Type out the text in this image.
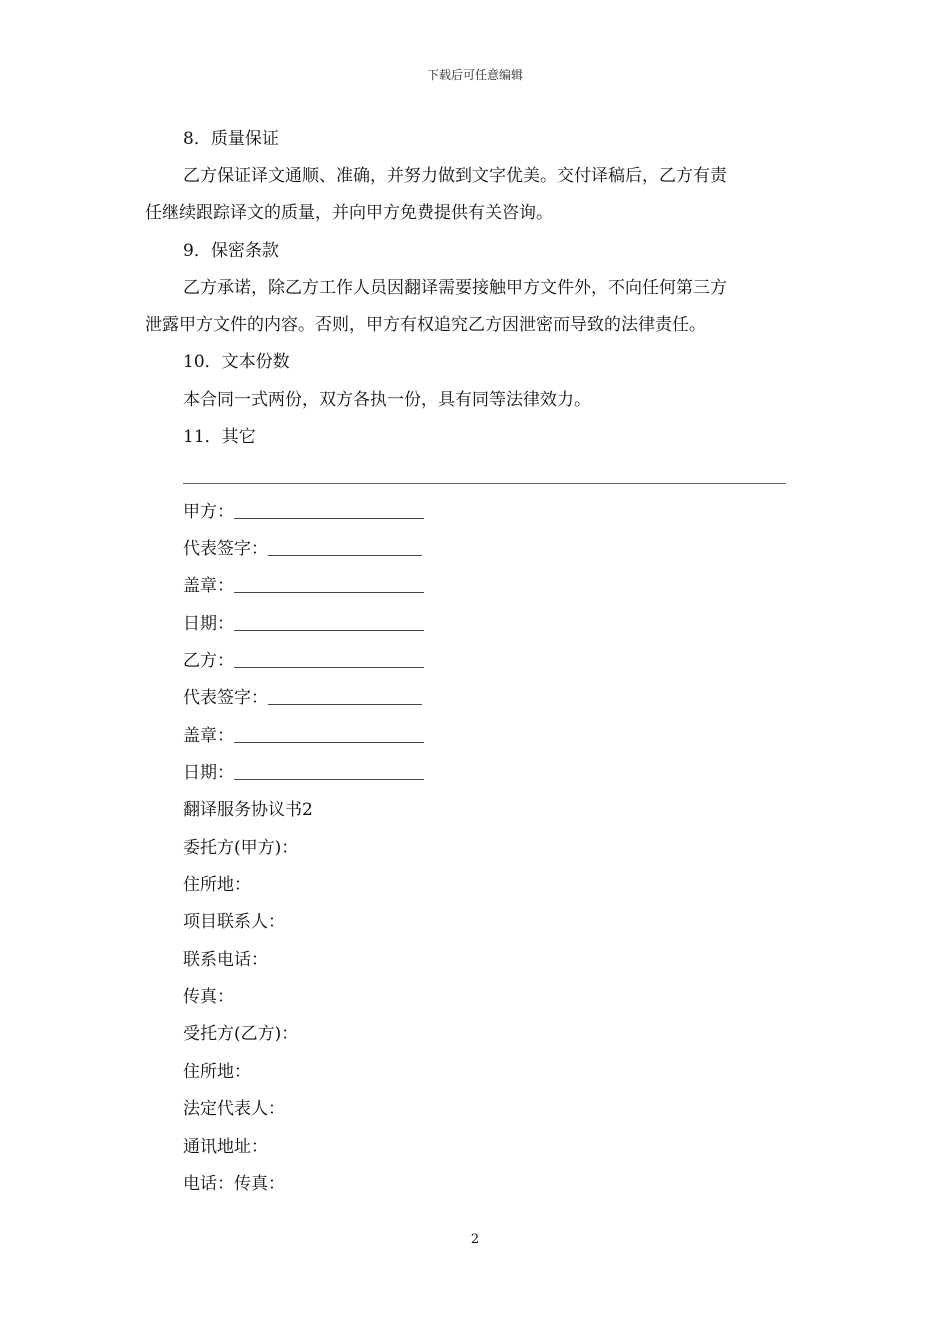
下载后可任意编辑
8．质量保证
乙方保证译文通顺、准确，并努力做到文字优美。交付译稿后，乙方有责
任继续跟踪译文的质量，并向甲方免费提供有关咨询。
9．保密条款
乙方承诺，除乙方工作人员因翻译需要接触甲方文件外，不向任何第三方
泄露甲方文件的内容。否则，甲方有权追究乙方因泄密而导致的法律责任。
10．文本份数
本合同一式两份，双方各执一份，具有同等法律效力。
11．其它
甲方：
代表签字：
盖章：
日期：
乙方：
代表签字：
盖章：
日期：
翻译服务协议书2
委托方(甲方)：
住所地：
项目联系人：
联系电话：
传真：
受托方(乙方)：
住所地：
法定代表人：
通讯地址：
电话：传真：
2
